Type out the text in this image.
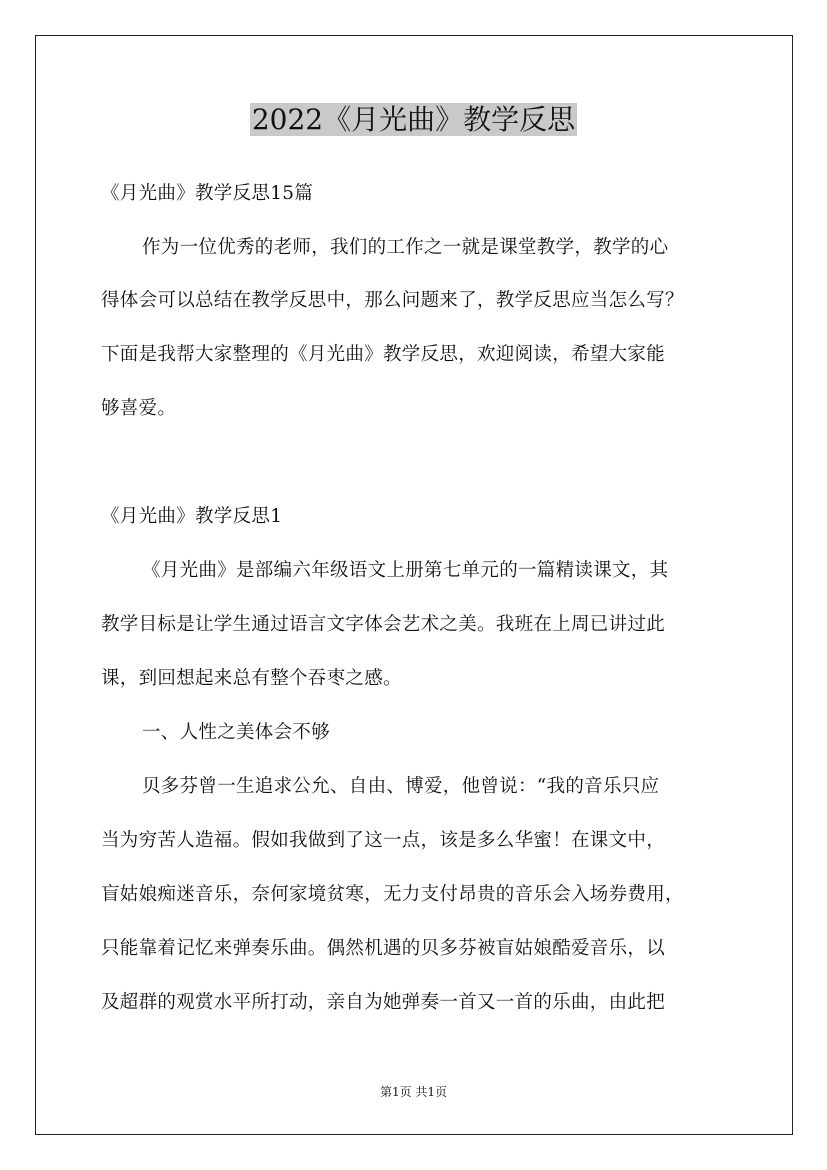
2022《月光曲》教学反思
《月光曲》教学反思15篇
作为一位优秀的老师，我们的工作之一就是课堂教学，教学的心
得体会可以总结在教学反思中，那么问题来了，教学反思应当怎么写？
下面是我帮大家整理的《月光曲》教学反思，欢迎阅读，希望大家能
够喜爱。
《月光曲》教学反思1
《月光曲》是部编六年级语文上册第七单元的一篇精读课文，其
教学目标是让学生通过语言文字体会艺术之美。我班在上周已讲过此
课，到回想起来总有整个吞枣之感。
一、人性之美体会不够
贝多芬曾一生追求公允、自由、博爱，他曾说：“我的音乐只应
当为穷苦人造福。假如我做到了这一点，该是多么华蜜！在课文中，
盲姑娘痴迷音乐，奈何家境贫寒，无力支付昂贵的音乐会入场券费用，
只能靠着记忆来弹奏乐曲。偶然机遇的贝多芬被盲姑娘酷爱音乐，以
及超群的观赏水平所打动，亲自为她弹奏一首又一首的乐曲，由此把
第1页 共1页
